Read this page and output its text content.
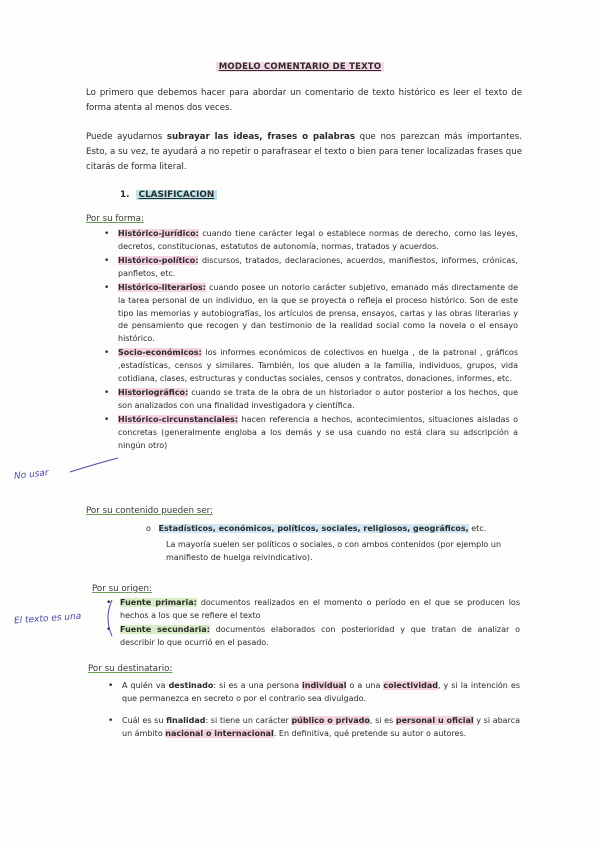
MODELO COMENTARIO DE TEXTO

Lo primero que debemos hacer para abordar un comentario de texto histórico es leer el texto de forma atenta al menos dos veces.

Puede ayudarnos subrayar las ideas, frases o palabras que nos parezcan más importantes. Esto, a su vez, te ayudará a no repetir o parafrasear el texto o bien para tener localizadas frases que citarás de forma literal.

1. CLASIFICACION
Por su forma:
• Histórico-jurídico: cuando tiene carácter legal o establece normas de derecho, como las leyes, decretos, constitucionas, estatutos de autonomía, normas, tratados y acuerdos.
• Histórico-político: discursos, tratados, declaraciones, acuerdos, manifiestos, informes, crónicas, panfletos, etc.
• Histórico-literarios: cuando posee un notorio carácter subjetivo, emanado más directamente de la tarea personal de un individuo, en la que se proyecta o refleja el proceso histórico. Son de este tipo las memorias y autobiografías, los artículos de prensa, ensayos, cartas y las obras literarias y de pensamiento que recogen y dan testimonio de la realidad social como la novela o el ensayo histórico.
• Socio-económicos: los informes económicos de colectivos en huelga , de la patronal , gráficos ,estadísticas, censos y similares. También, los que aluden a la familia, individuos, grupos, vida cotidiana, clases, estructuras y conductas sociales, censos y contratos, donaciones, informes, etc.
• Historiográfico: cuando se trata de la obra de un historiador o autor posterior a los hechos, que son analizados con una finalidad investigadora y científica.
• Histórico-circunstanciales: hacen referencia a hechos, acontecimientos, situaciones aisladas o concretas (generalmente engloba a los demás y se usa cuando no está clara su adscripción a ningún otro)
Por su contenido pueden ser:
o Estadísticos, económicos, políticos, sociales, religiosos, geográficos, etc.
La mayoría suelen ser políticos o sociales, o con ambos contenidos (por ejemplo un manifiesto de huelga reivindicativo).
Por su origen:
• Fuente primaria: documentos realizados en el momento o período en el que se producen los hechos a los que se refiere el texto
• Fuente secundaria: documentos elaborados con posterioridad y que tratan de analizar o describir lo que ocurrió en el pasado.
Por su destinatario:
• A quién va destinado: si es a una persona individual o a una colectividad, y si la intención es que permanezca en secreto o por el contrario sea divulgado.
• Cuál es su finalidad: si tiene un carácter público o privado, si es personal u oficial y si abarca un ámbito nacional o internacional. En definitiva, qué pretende su autor o autores.
No usar
El texto es una
